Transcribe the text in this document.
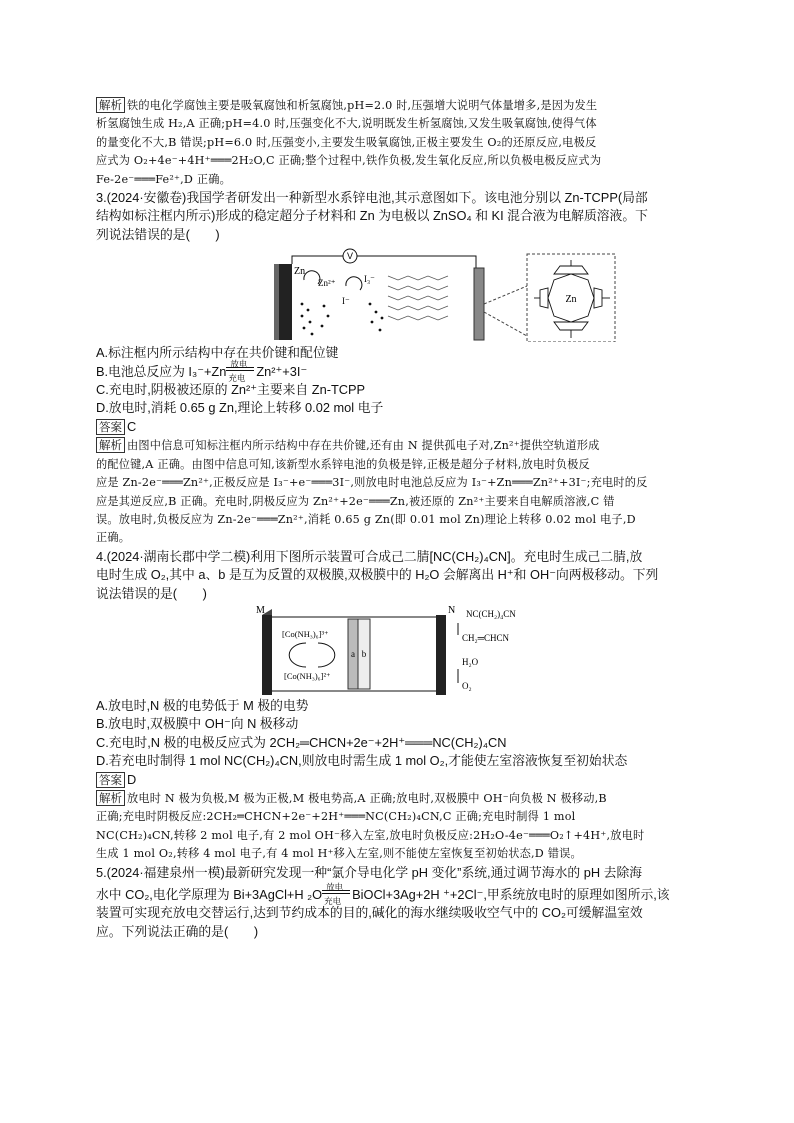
解析 铁的电化学腐蚀主要是吸氧腐蚀和析氢腐蚀,pH=2.0 时,压强增大说明气体量增多,是因为发生
析氢腐蚀生成 H₂,A 正确;pH=4.0 时,压强变化不大,说明既发生析氢腐蚀,又发生吸氧腐蚀,使得气体
的量变化不大,B 错误;pH=6.0 时,压强变小,主要发生吸氧腐蚀,正极主要发生 O₂的还原反应,电极反
应式为 O₂+4e⁻+4H⁺═══2H₂O,C 正确;整个过程中,铁作负极,发生氧化反应,所以负极电极反应式为
Fe-2e⁻═══Fe²⁺,D 正确。
3.(2024·安徽卷)我国学者研发出一种新型水系锌电池,其示意图如下。该电池分别以 Zn-TCPP(局部
结构如标注框内所示)形成的稳定超分子材料和 Zn 为电极以 ZnSO₄ 和 KI 混合液为电解质溶液。下
列说法错误的是(　　)
V
Zn
Zn²⁺
I⁻
I₃⁻
Zn
A.标注框内所示结构中存在共价键和配位键
B.电池总反应为 I₃⁻+Zn 放电
充电 Zn²⁺+3I⁻
C.充电时,阴极被还原的 Zn²⁺主要来自 Zn-TCPP
D.放电时,消耗 0.65 g Zn,理论上转移 0.02 mol 电子
答案 C
解析 由图中信息可知标注框内所示结构中存在共价键,还有由 N 提供孤电子对,Zn²⁺提供空轨道形成
的配位键,A 正确。由图中信息可知,该新型水系锌电池的负极是锌,正极是超分子材料,放电时负极反
应是 Zn-2e⁻═══Zn²⁺,正极反应是 I₃⁻+e⁻═══3I⁻,则放电时电池总反应为 I₃⁻+Zn═══Zn²⁺+3I⁻;充电时的反
应是其逆反应,B 正确。充电时,阴极反应为 Zn²⁺+2e⁻═══Zn,被还原的 Zn²⁺主要来自电解质溶液,C 错
误。放电时,负极反应为 Zn-2e⁻═══Zn²⁺,消耗 0.65 g Zn(即 0.01 mol Zn)理论上转移 0.02 mol 电子,D
正确。
4.(2024·湖南长郡中学二模)利用下图所示装置可合成己二腈[NC(CH₂)₄CN]。充电时生成己二腈,放
电时生成 O₂,其中 a、b 是互为反置的双极膜,双极膜中的 H₂O 会解离出 H⁺和 OH⁻向两极移动。下列
说法错误的是(　　)
a b
M	N
[Co(NH₃)₆]³⁺
[Co(NH₃)₆]²⁺
NC(CH₂)₄CN
CH₂═CHCN
H₂O
O₂
A.放电时,N 极的电势低于 M 极的电势
B.放电时,双极膜中 OH⁻向 N 极移动
C.充电时,N 极的电极反应式为 2CH₂═CHCN+2e⁻+2H⁺═══NC(CH₂)₄CN
D.若充电时制得 1 mol NC(CH₂)₄CN,则放电时需生成 1 mol O₂,才能使左室溶液恢复至初始状态
答案 D
解析 放电时 N 极为负极,M 极为正极,M 极电势高,A 正确;放电时,双极膜中 OH⁻向负极 N 极移动,B
正确;充电时阴极反应:2CH₂═CHCN+2e⁻+2H⁺═══NC(CH₂)₄CN,C 正确;充电时制得 1 mol
NC(CH₂)₄CN,转移 2 mol 电子,有 2 mol OH⁻移入左室,放电时负极反应:2H₂O-4e⁻═══O₂↑+4H⁺,放电时
生成 1 mol O₂,转移 4 mol 电子,有 4 mol H⁺移入左室,则不能使左室恢复至初始状态,D 错误。
5.(2024·福建泉州一模)最新研究发现一种“氯介导电化学 pH 变化”系统,通过调节海水的 pH 去除海
水中 CO₂,电化学原理为 Bi+3AgCl+H ₂O 放电
充电 BiOCl+3Ag+2H ⁺+2Cl⁻,甲系统放电时的原理如图所示,该
装置可实现充放电交替运行,达到节约成本的目的,碱化的海水继续吸收空气中的 CO₂可缓解温室效
应。下列说法正确的是(　　)
